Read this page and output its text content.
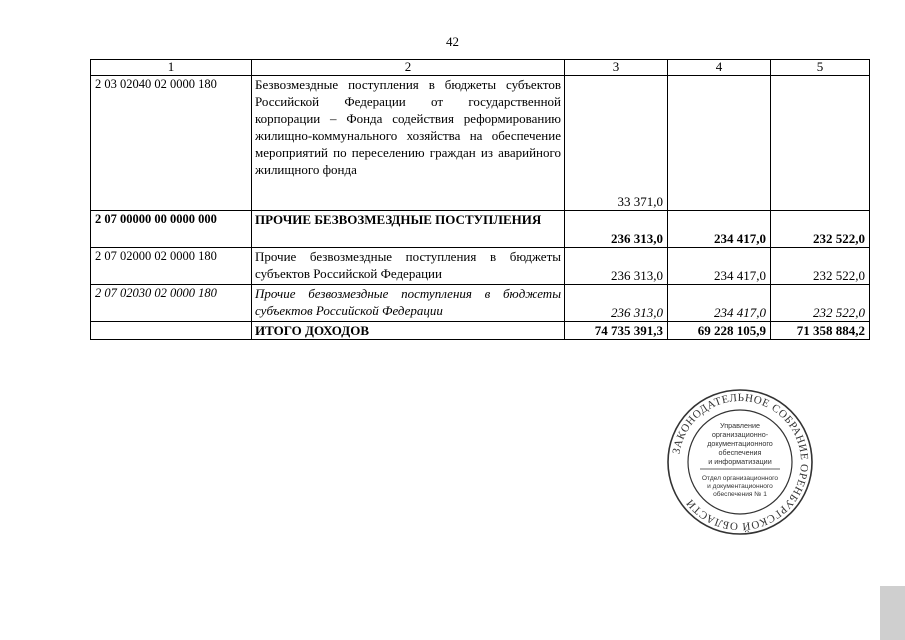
42
1	2	3	4	5
2 03 02040 02 0000 180	Безвозмездные поступления в бюджеты субъектов Российской Федерации от государственной корпорации – Фонда содействия реформированию жилищно-коммунального хозяйства на обеспечение мероприятий по переселению граждан из аварийного жилищного фонда	33 371,0		
2 07 00000 00 0000 000	ПРОЧИЕ БЕЗВОЗМЕЗДНЫЕ ПОСТУПЛЕНИЯ	236 313,0	234 417,0	232 522,0
2 07 02000 02 0000 180	Прочие безвозмездные поступления в бюджеты субъектов Российской Федерации	236 313,0	234 417,0	232 522,0
2 07 02030 02 0000 180	Прочие безвозмездные поступления в бюджеты субъектов Российской Федерации	236 313,0	234 417,0	232 522,0
	ИТОГО ДОХОДОВ	74 735 391,3	69 228 105,9	71 358 884,2
ЗАКОНОДАТЕЛЬНОЕ СОБРАНИЕ ОРЕНБУРГСКОЙ ОБЛАСТИ
Управление
организационно-
документационного
обеспечения
и информатизации
Отдел организационного
и документационного
обеспечения № 1
